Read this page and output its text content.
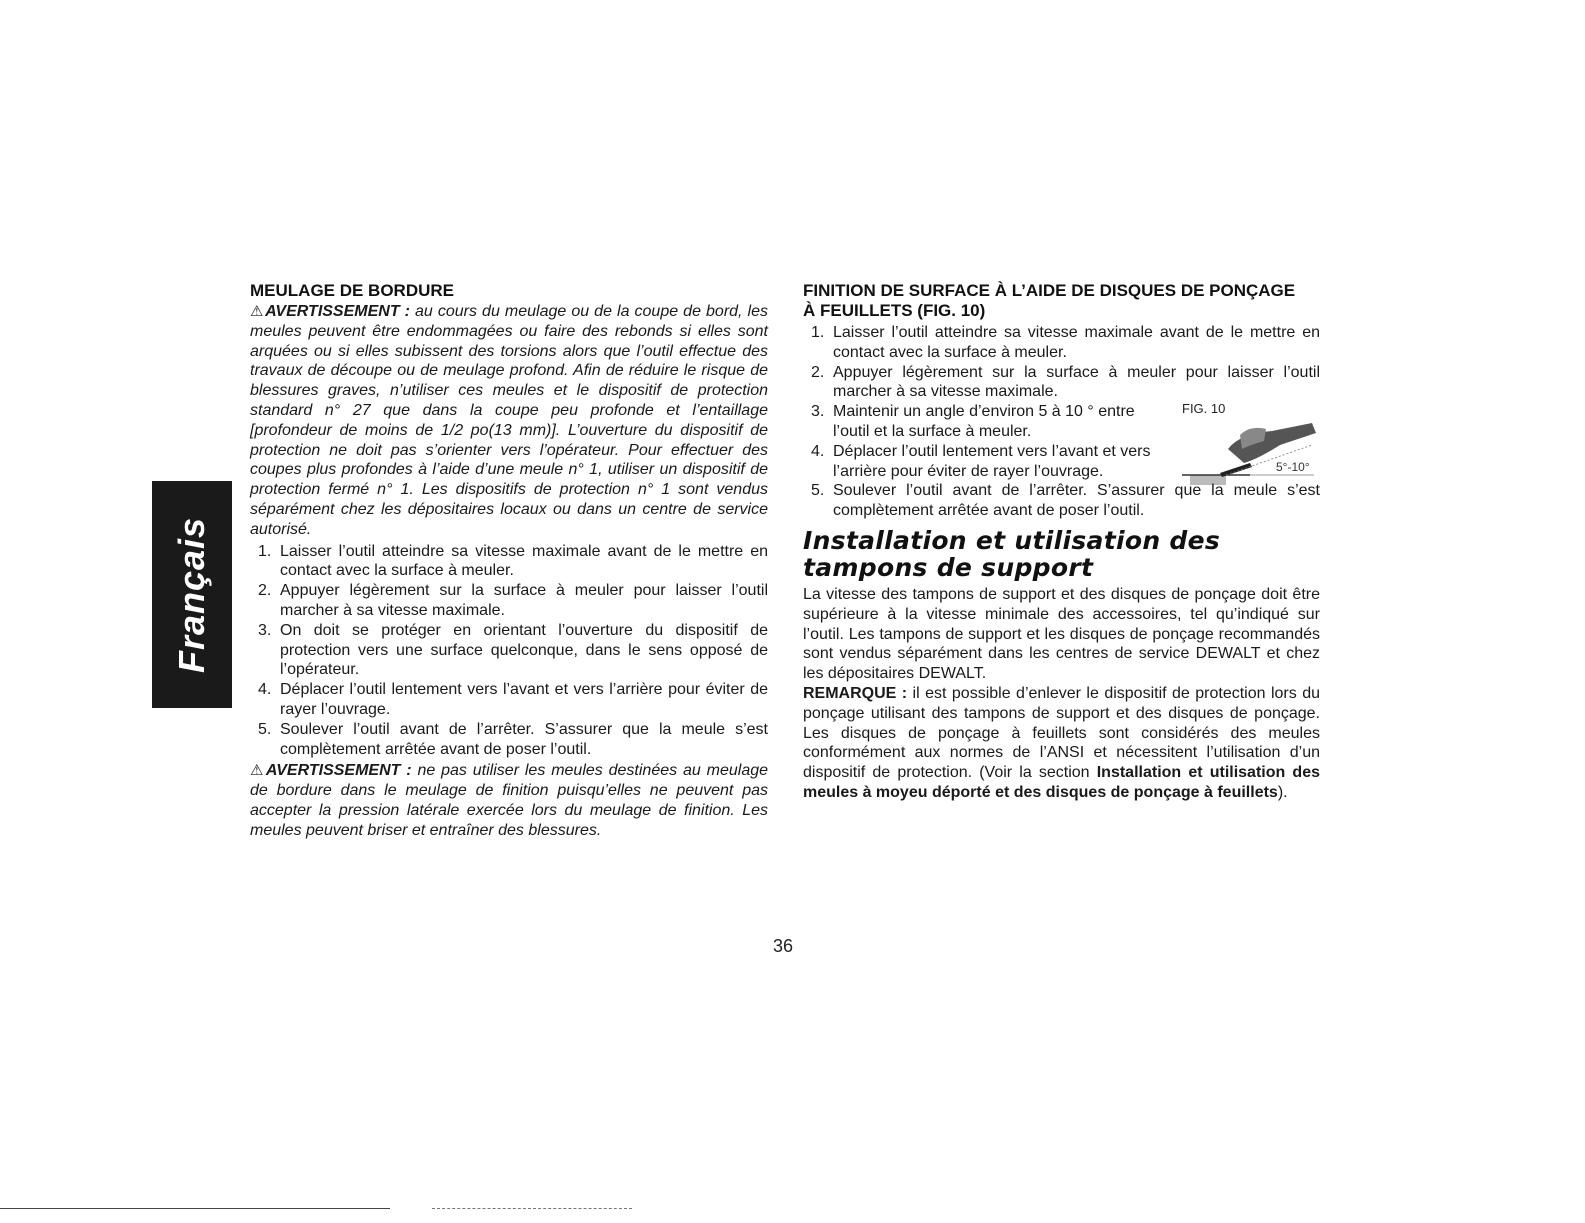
Français
MEULAGE DE BORDURE

⚠AVERTISSEMENT : au cours du meulage ou de la coupe de bord, les meules peuvent être endommagées ou faire des rebonds si elles sont arquées ou si elles subissent des torsions alors que l’outil effectue des travaux de découpe ou de meulage profond. Afin de réduire le risque de blessures graves, n’utiliser ces meules et le dispositif de protection standard n° 27 que dans la coupe peu profonde et l’entaillage [profondeur de moins de 1/2 po(13 mm)]. L’ouverture du dispositif de protection ne doit pas s’orienter vers l’opérateur. Pour effectuer des coupes plus profondes à l’aide d’une meule n° 1, utiliser un dispositif de protection fermé n° 1. Les dispositifs de protection n° 1 sont vendus séparément chez les dépositaires locaux ou dans un centre de service autorisé.

1. Laisser l’outil atteindre sa vitesse maximale avant de le mettre en contact avec la surface à meuler.
2. Appuyer légèrement sur la surface à meuler pour laisser l’outil marcher à sa vitesse maximale.
3. On doit se protéger en orientant l’ouverture du dispositif de protection vers une surface quelconque, dans le sens opposé de l’opérateur.
4. Déplacer l’outil lentement vers l’avant et vers l’arrière pour éviter de rayer l’ouvrage.
5. Soulever l’outil avant de l’arrêter. S’assurer que la meule s’est complètement arrêtée avant de poser l’outil.

⚠AVERTISSEMENT : ne pas utiliser les meules destinées au meulage de bordure dans le meulage de finition puisqu’elles ne peuvent pas accepter la pression latérale exercée lors du meulage de finition. Les meules peuvent briser et entraîner des blessures.

FINITION DE SURFACE À L’AIDE DE DISQUES DE PONÇAGE
À FEUILLETS (FIG. 10)
FIG. 10
5°-10°
1. Laisser l’outil atteindre sa vitesse maximale avant de le mettre en contact avec la surface à meuler.
2. Appuyer légèrement sur la surface à meuler pour laisser l’outil marcher à sa vitesse maximale.
3. Maintenir un angle d’environ 5 à 10 ° entre l’outil et la surface à meuler.
4. Déplacer l’outil lentement vers l’avant et vers l’arrière pour éviter de rayer l’ouvrage.
5. Soulever l’outil avant de l’arrêter. S’assurer que la meule s’est complètement arrêtée avant de poser l’outil.
Installation et utilisation des tampons de support

La vitesse des tampons de support et des disques de ponçage doit être supérieure à la vitesse minimale des accessoires, tel qu’indiqué sur l’outil. Les tampons de support et les disques de ponçage recommandés sont vendus séparément dans les centres de service DEWALT et chez les dépositaires DEWALT.

REMARQUE : il est possible d’enlever le dispositif de protection lors du ponçage utilisant des tampons de support et des disques de ponçage. Les disques de ponçage à feuillets sont considérés des meules conformément aux normes de l’ANSI et nécessitent l’utilisation d’un dispositif de protection. (Voir la section Installation et utilisation des meules à moyeu déporté et des disques de ponçage à feuillets).

36
